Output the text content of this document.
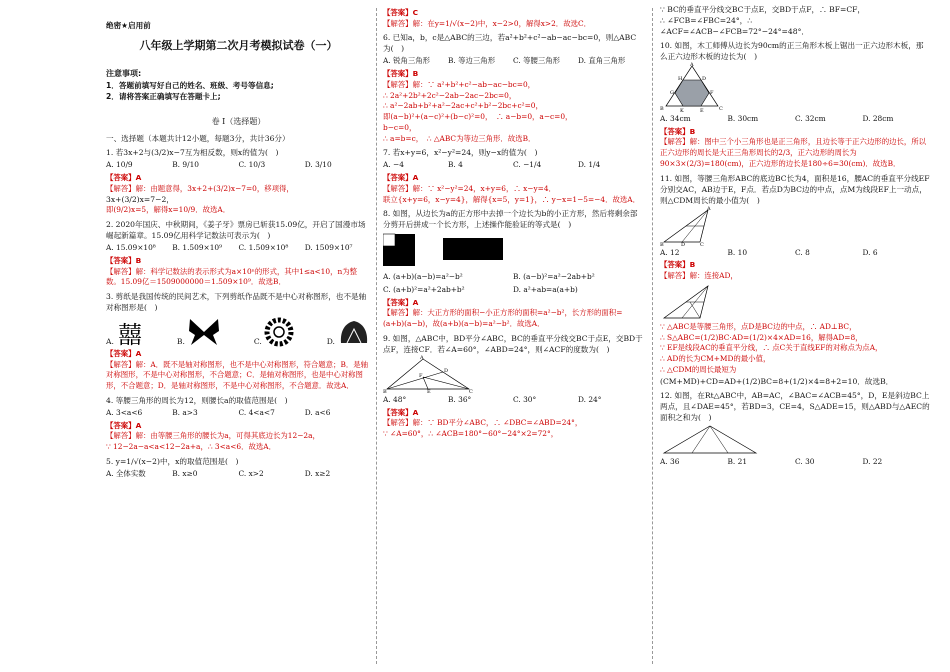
绝密★启用前
八年级上学期第二次月考模拟试卷（一）
注意事项:
1．答题前填写好自己的姓名、班级、考号等信息;
2．请将答案正确填写在答题卡上;
卷 I（选择题）
一、选择题（本题共计12小题，每题3分，共计36分）
1. 若3x+2与(3/2)x−7互为相反数，则x的值为(　)
A. 10/9	B. 9/10	C. 10/3	D. 3/10
【答案】A
【解答】解：由题意得，3x+2+(3/2)x−7=0，移项得，
3x+(3/2)x=7−2，
即(9/2)x=5，解得x=10/9．故选A．
2. 2020年国庆、中秋期间，《姜子牙》票房已斩获15.09亿，开启了国漫市场崛起新篇章。15.09亿用科学记数法可表示为(　)
A. 15.09×10⁸	B. 1.509×10⁹	C. 1.509×10⁸	D. 1509×10⁷
【答案】B
【解答】解：科学记数法的表示形式为a×10ⁿ的形式，其中1≤a<10，n为整数。15.09亿＝1509000000＝1.509×10⁹．故选B．
3. 剪纸是我国传统的民间艺术，下列剪纸作品既不是中心对称图形，也不是轴对称图形是(　)
A. 囍	B.	C.	D.
【答案】A
【解答】解：A．既不是轴对称图形，也不是中心对称图形，符合题意；B．是轴对称图形，不是中心对称图形，不合题意；C．是轴对称图形，也是中心对称图形，不合题意；D．是轴对称图形，不是中心对称图形，不合题意．故选A．
4. 等腰三角形的周长为12，则腰长a的取值范围是(　)
A. 3<a<6	B. a>3	C. 4<a<7	D. a<6
【答案】A
【解答】解：由等腰三角形的腰长为a，可得其底边长为12−2a，
∵ 12−2a−a<a<12−2a+a，∴ 3<a<6．故选A．
5. y=1/√(x−2)中，x的取值范围是(　)
A. 全体实数	B. x≥0	C. x>2	D. x≥2
【答案】C
【解答】解：在y=1/√(x−2)中，x−2>0，解得x>2．故选C．
6. 已知a，b，c是△ABC的三边，若a²+b²+c²−ab−ac−bc=0，则△ABC为(　)
A. 锐角三角形	B. 等边三角形	C. 等腰三角形	D. 直角三角形
【答案】B
【解答】解：∵ a²+b²+c²−ab−ac−bc=0，
∴ 2a²+2b²+2c²−2ab−2ac−2bc=0，
∴ a²−2ab+b²+a²−2ac+c²+b²−2bc+c²=0，
即(a−b)²+(a−c)²+(b−c)²=0，　∴ a−b=0，a−c=0，
b−c=0，
∴ a=b=c，　∴ △ABC为等边三角形．故选B．
7. 若x+y=6，x²−y²=24，则y−x的值为(　)
A. −4	B. 4	C. −1/4	D. 1/4
【答案】A
【解答】解：∵ x²−y²=24，x+y=6，∴ x−y=4．
联立{x+y=6，x−y=4}，解得{x=5，y=1}，∴ y−x=1−5=−4．故选A．
8. 如图，从边长为a的正方形中去掉一个边长为b的小正方形，然后将剩余部分剪开后拼成一个长方形，上述操作能验证的等式是(　)
A. (a+b)(a−b)=a²−b²	B. (a−b)²=a²−2ab+b²
C. (a+b)²=a²+2ab+b²	D. a²+ab=a(a+b)
【答案】A
【解答】解：大正方形的面积−小正方形的面积=a²−b²，长方形的面积=(a+b)(a−b)，故(a+b)(a−b)=a²−b²．故选A．
9. 如图，△ABC中，BD平分∠ABC，BC的垂直平分线交BC于点E，交BD于点F，连接CF．若∠A=60°，∠ABD=24°，则∠ACF的度数为(　)
A
B	C
D
E
F
A. 48°	B. 36°	C. 30°	D. 24°
【答案】A
【解答】解：∵ BD平分∠ABC，∴ ∠DBC=∠ABD=24°，
∵ ∠A=60°，∴ ∠ACB=180°−60°−24°×2=72°，
∵ BC的垂直平分线交BC于点E，交BD于点F，∴ BF=CF，
∴ ∠FCB=∠FBC=24°，∴
∠ACF=∠ACB−∠FCB=72°−24°=48°．
10. 如图，木工师傅从边长为90cm的正三角形木板上锯出一正六边形木板，那么正六边形木板的边长为(　)
A
B	C
H
G	F
K	E
D
A. 34cm	B. 30cm	C. 32cm	D. 28cm
【答案】B
【解答】解：图中三个小三角形也是正三角形，且边长等于正六边形的边长，所以正六边形的周长是大正三角形周长的2/3，正六边形的周长为90×3×(2/3)=180(cm)，正六边形的边长是180÷6=30(cm)．故选B．
11. 如图，等腰三角形ABC的底边BC长为4，面积是16，腰AC的垂直平分线EF分别交AC，AB边于E，F点．若点D为BC边的中点，点M为线段EF上一动点，则△CDM周长的最小值为(　)
A
B	C
D
A. 12	B. 10	C. 8	D. 6
【答案】B
【解答】解：连接AD，
∵ △ABC是等腰三角形，点D是BC边的中点，∴ AD⊥BC，
∴ S△ABC=(1/2)BC·AD=(1/2)×4×AD=16，解得AD=8，
∵ EF是线段AC的垂直平分线，∴ 点C关于直线EF的对称点为点A，
∴ AD的长为CM+MD的最小值，
∴ △CDM的周长最短为
(CM+MD)+CD=AD+(1/2)BC=8+(1/2)×4=8+2=10．故选B．
12. 如图，在Rt△ABC中，AB=AC，∠BAC=∠ACB=45°，D，E是斜边BC上两点，且∠DAE=45°，若BD=3，CE=4，S△ADE=15，则△ABD与△AEC的面积之和为(　)
A. 36	B. 21	C. 30	D. 22
